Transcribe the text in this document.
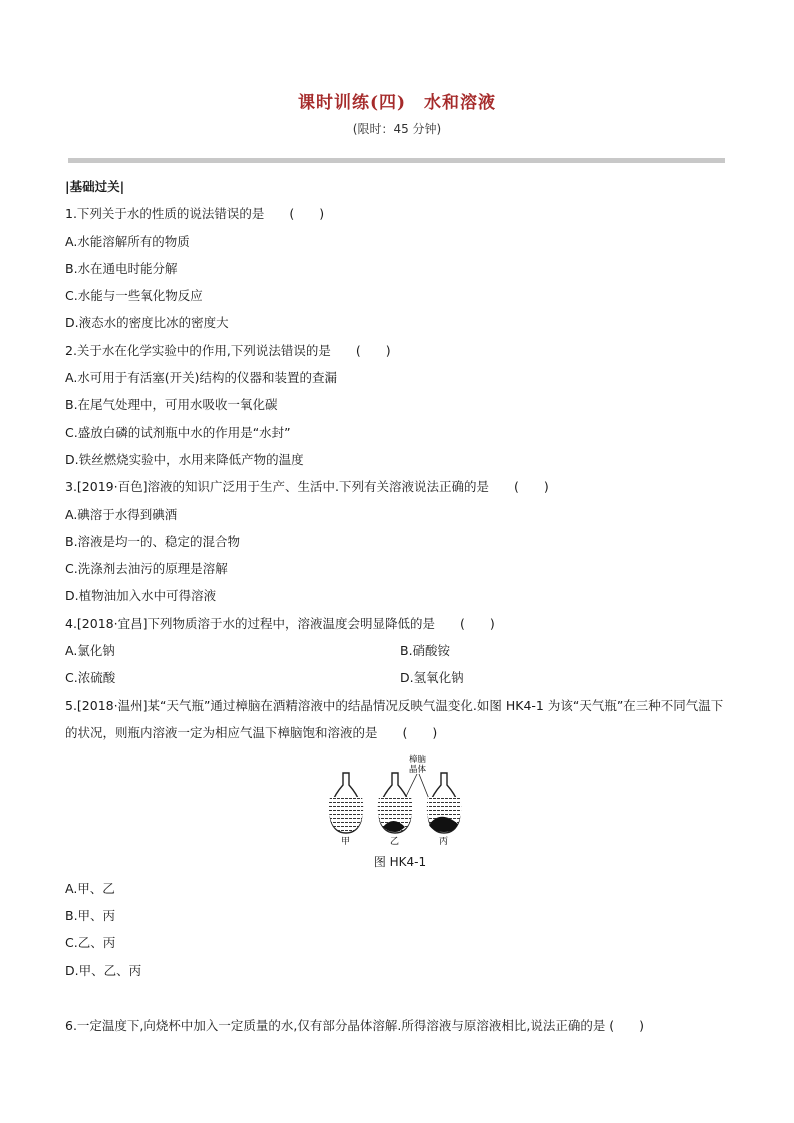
课时训练(四)　水和溶液
(限时：45 分钟)
|基础过关|
1.下列关于水的性质的说法错误的是　　(　　)
A.水能溶解所有的物质
B.水在通电时能分解
C.水能与一些氧化物反应
D.液态水的密度比冰的密度大
2.关于水在化学实验中的作用,下列说法错误的是　　(　　)
A.水可用于有活塞(开关)结构的仪器和装置的查漏
B.在尾气处理中，可用水吸收一氧化碳
C.盛放白磷的试剂瓶中水的作用是“水封”
D.铁丝燃烧实验中，水用来降低产物的温度
3.[2019·百色]溶液的知识广泛用于生产、生活中.下列有关溶液说法正确的是　　(　　)
A.碘溶于水得到碘酒
B.溶液是均一的、稳定的混合物
C.洗涤剂去油污的原理是溶解
D.植物油加入水中可得溶液
4.[2018·宜昌]下列物质溶于水的过程中，溶液温度会明显降低的是　　(　　)
A.氯化钠	B.硝酸铵
C.浓硫酸	D.氢氧化钠
5.[2018·温州]某“天气瓶”通过樟脑在酒精溶液中的结晶情况反映气温变化.如图 HK4-1 为该“天气瓶”在三种不同气温下的状况，则瓶内溶液一定为相应气温下樟脑饱和溶液的是　　(　　)
樟脑
晶体
甲	乙	丙
图 HK4-1
A.甲、乙
B.甲、丙
C.乙、丙
D.甲、乙、丙
6.一定温度下,向烧杯中加入一定质量的水,仅有部分晶体溶解.所得溶液与原溶液相比,说法正确的是 (　　)
